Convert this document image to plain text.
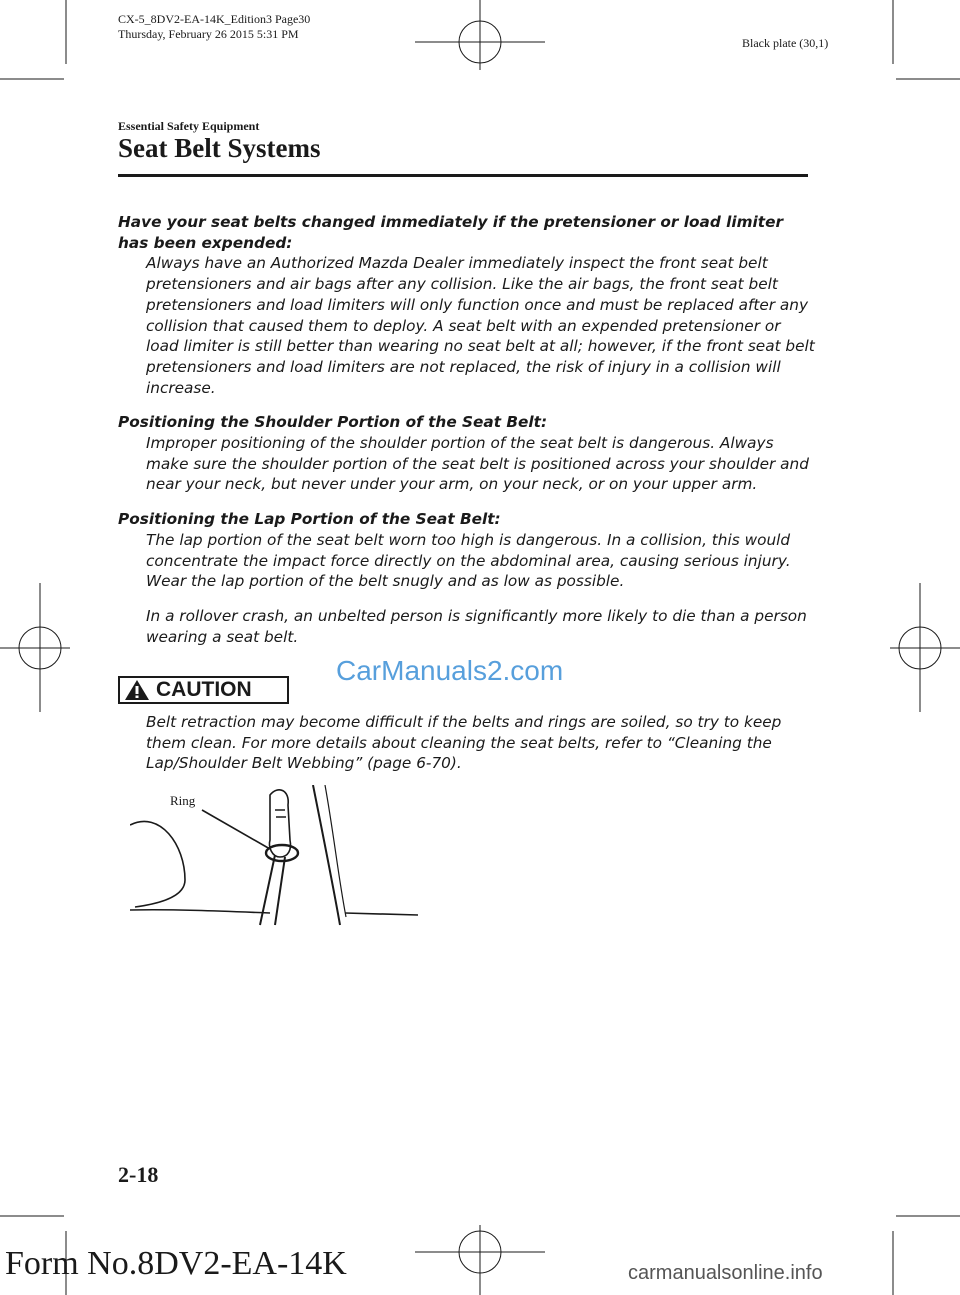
CX-5_8DV2-EA-14K_Edition3 Page30
Thursday, February 26 2015 5:31 PM
Black plate (30,1)
Essential Safety Equipment
Seat Belt Systems
Have your seat belts changed immediately if the pretensioner or load limiter has been expended:
Always have an Authorized Mazda Dealer immediately inspect the front seat belt pretensioners and air bags after any collision. Like the air bags, the front seat belt pretensioners and load limiters will only function once and must be replaced after any collision that caused them to deploy. A seat belt with an expended pretensioner or load limiter is still better than wearing no seat belt at all; however, if the front seat belt pretensioners and load limiters are not replaced, the risk of injury in a collision will increase.
Positioning the Shoulder Portion of the Seat Belt:
Improper positioning of the shoulder portion of the seat belt is dangerous. Always make sure the shoulder portion of the seat belt is positioned across your shoulder and near your neck, but never under your arm, on your neck, or on your upper arm.
Positioning the Lap Portion of the Seat Belt:
The lap portion of the seat belt worn too high is dangerous. In a collision, this would concentrate the impact force directly on the abdominal area, causing serious injury. Wear the lap portion of the belt snugly and as low as possible.
In a rollover crash, an unbelted person is significantly more likely to die than a person wearing a seat belt.
CarManuals2.com
CAUTION
Belt retraction may become difficult if the belts and rings are soiled, so try to keep them clean. For more details about cleaning the seat belts, refer to “Cleaning the Lap/Shoulder Belt Webbing” (page 6-70).
Ring
2-18
Form No.8DV2-EA-14K	carmanualsonline.info
